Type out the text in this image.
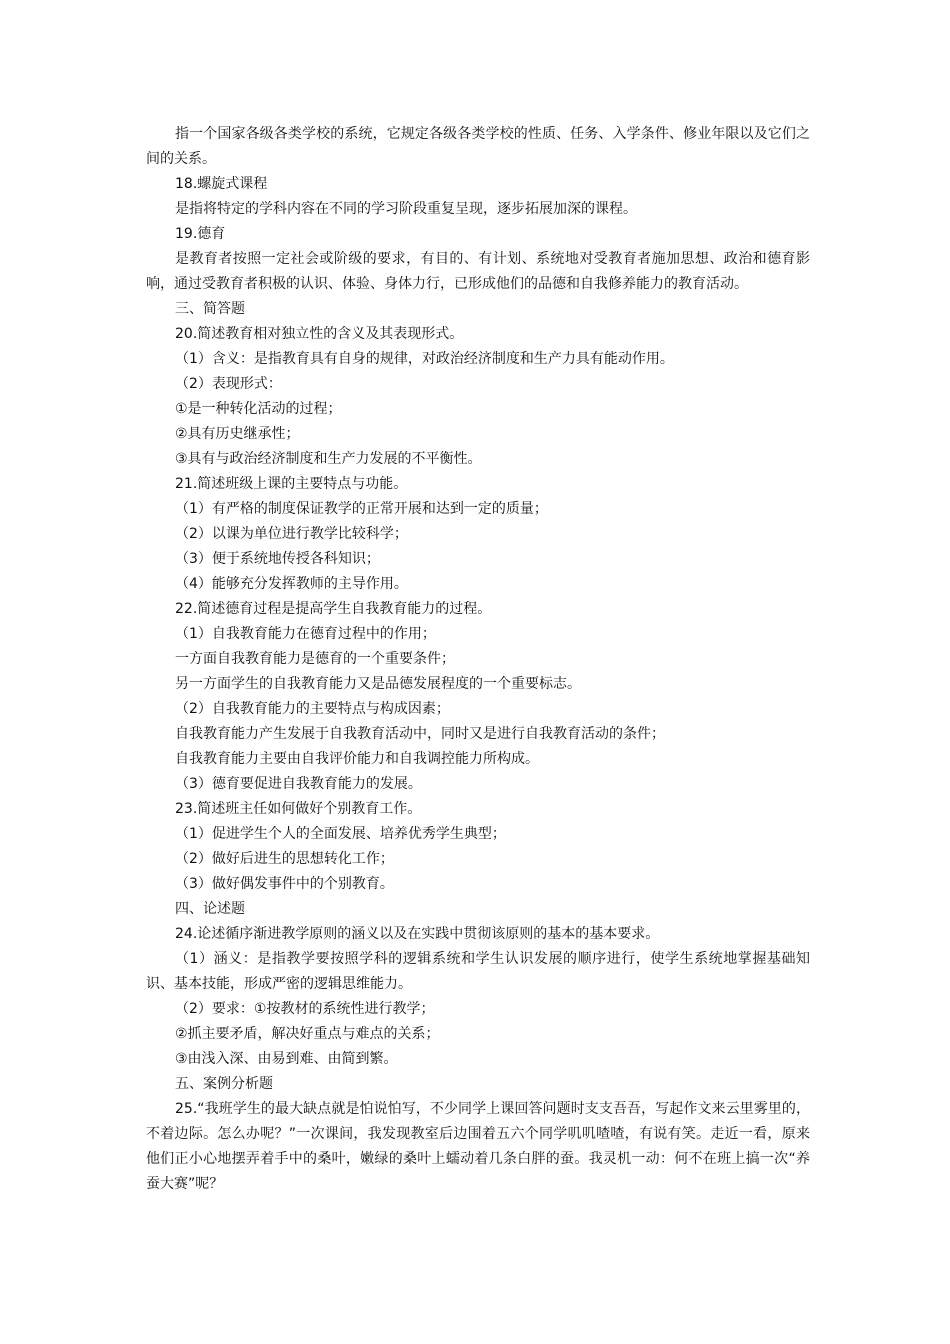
指一个国家各级各类学校的系统，它规定各级各类学校的性质、任务、入学条件、修业年限以及它们之间的关系。

18.螺旋式课程

是指将特定的学科内容在不同的学习阶段重复呈现，逐步拓展加深的课程。

19.德育

是教育者按照一定社会或阶级的要求，有目的、有计划、系统地对受教育者施加思想、政治和德育影响，通过受教育者积极的认识、体验、身体力行，已形成他们的品德和自我修养能力的教育活动。

三、简答题

20.简述教育相对独立性的含义及其表现形式。

（1）含义：是指教育具有自身的规律，对政治经济制度和生产力具有能动作用。

（2）表现形式：

①是一种转化活动的过程；

②具有历史继承性；

③具有与政治经济制度和生产力发展的不平衡性。

21.简述班级上课的主要特点与功能。

（1）有严格的制度保证教学的正常开展和达到一定的质量；

（2）以课为单位进行教学比较科学；

（3）便于系统地传授各科知识；

（4）能够充分发挥教师的主导作用。

22.简述德育过程是提高学生自我教育能力的过程。

（1）自我教育能力在德育过程中的作用；

一方面自我教育能力是德育的一个重要条件；

另一方面学生的自我教育能力又是品德发展程度的一个重要标志。

（2）自我教育能力的主要特点与构成因素；

自我教育能力产生发展于自我教育活动中，同时又是进行自我教育活动的条件；

自我教育能力主要由自我评价能力和自我调控能力所构成。

（3）德育要促进自我教育能力的发展。

23.简述班主任如何做好个别教育工作。

（1）促进学生个人的全面发展、培养优秀学生典型；

（2）做好后进生的思想转化工作；

（3）做好偶发事件中的个别教育。

四、论述题

24.论述循序渐进教学原则的涵义以及在实践中贯彻该原则的基本的基本要求。

（1）涵义：是指教学要按照学科的逻辑系统和学生认识发展的顺序进行，使学生系统地掌握基础知识、基本技能，形成严密的逻辑思维能力。

（2）要求：①按教材的系统性进行教学；

②抓主要矛盾，解决好重点与难点的关系；

③由浅入深、由易到难、由简到繁。

五、案例分析题

25.“我班学生的最大缺点就是怕说怕写，不少同学上课回答问题时支支吾吾，写起作文来云里雾里的，不着边际。怎么办呢？”一次课间，我发现教室后边围着五六个同学叽叽喳喳，有说有笑。走近一看，原来他们正小心地摆弄着手中的桑叶，嫩绿的桑叶上蠕动着几条白胖的蚕。我灵机一动：何不在班上搞一次“养蚕大赛”呢？
